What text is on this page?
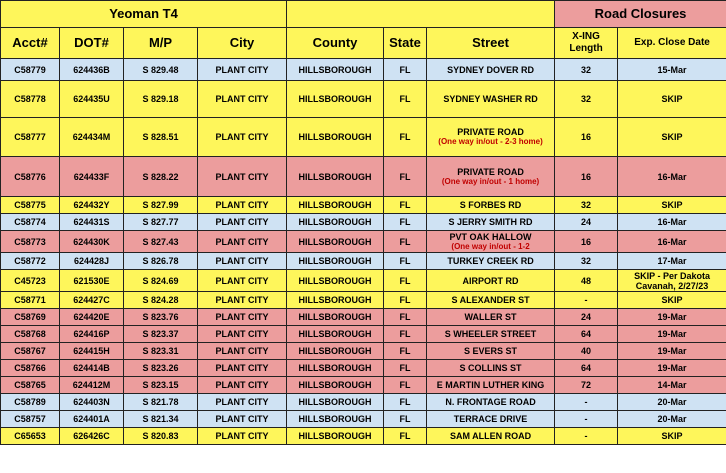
Yeoman T4							Road Closures	
Acct#	DOT#	M/P	City	County	State	Street	X-ING
Length	Exp. Close Date
C58779	624436B	S 829.48	PLANT CITY	HILLSBOROUGH	FL	SYDNEY DOVER RD	32	15-Mar
C58778	624435U	S 829.18	PLANT CITY	HILLSBOROUGH	FL	SYDNEY WASHER RD	32	SKIP
C58777	624434M	S 828.51	PLANT CITY	HILLSBOROUGH	FL	PRIVATE ROAD
(One way in/out - 2-3 home)	16	SKIP
C58776	624433F	S 828.22	PLANT CITY	HILLSBOROUGH	FL	PRIVATE ROAD
(One way in/out - 1 home)	16	16-Mar
C58775	624432Y	S 827.99	PLANT CITY	HILLSBOROUGH	FL	S FORBES RD	32	SKIP
C58774	624431S	S 827.77	PLANT CITY	HILLSBOROUGH	FL	S JERRY SMITH RD	24	16-Mar
C58773	624430K	S 827.43	PLANT CITY	HILLSBOROUGH	FL	PVT OAK HALLOW
(One way in/out - 1-2	16	16-Mar
C58772	624428J	S 826.78	PLANT CITY	HILLSBOROUGH	FL	TURKEY CREEK RD	32	17-Mar
C45723	621530E	S 824.69	PLANT CITY	HILLSBOROUGH	FL	AIRPORT RD	48	SKIP - Per Dakota
Cavanah, 2/27/23
C58771	624427C	S 824.28	PLANT CITY	HILLSBOROUGH	FL	S ALEXANDER ST	-	SKIP
C58769	624420E	S 823.76	PLANT CITY	HILLSBOROUGH	FL	WALLER ST	24	19-Mar
C58768	624416P	S 823.37	PLANT CITY	HILLSBOROUGH	FL	S WHEELER STREET	64	19-Mar
C58767	624415H	S 823.31	PLANT CITY	HILLSBOROUGH	FL	S EVERS ST	40	19-Mar
C58766	624414B	S 823.26	PLANT CITY	HILLSBOROUGH	FL	S COLLINS ST	64	19-Mar
C58765	624412M	S 823.15	PLANT CITY	HILLSBOROUGH	FL	E MARTIN LUTHER KING	72	14-Mar
C58789	624403N	S 821.78	PLANT CITY	HILLSBOROUGH	FL	N. FRONTAGE ROAD	-	20-Mar
C58757	624401A	S 821.34	PLANT CITY	HILLSBOROUGH	FL	TERRACE DRIVE	-	20-Mar
C65653	626426C	S 820.83	PLANT CITY	HILLSBOROUGH	FL	SAM ALLEN ROAD	-	SKIP
